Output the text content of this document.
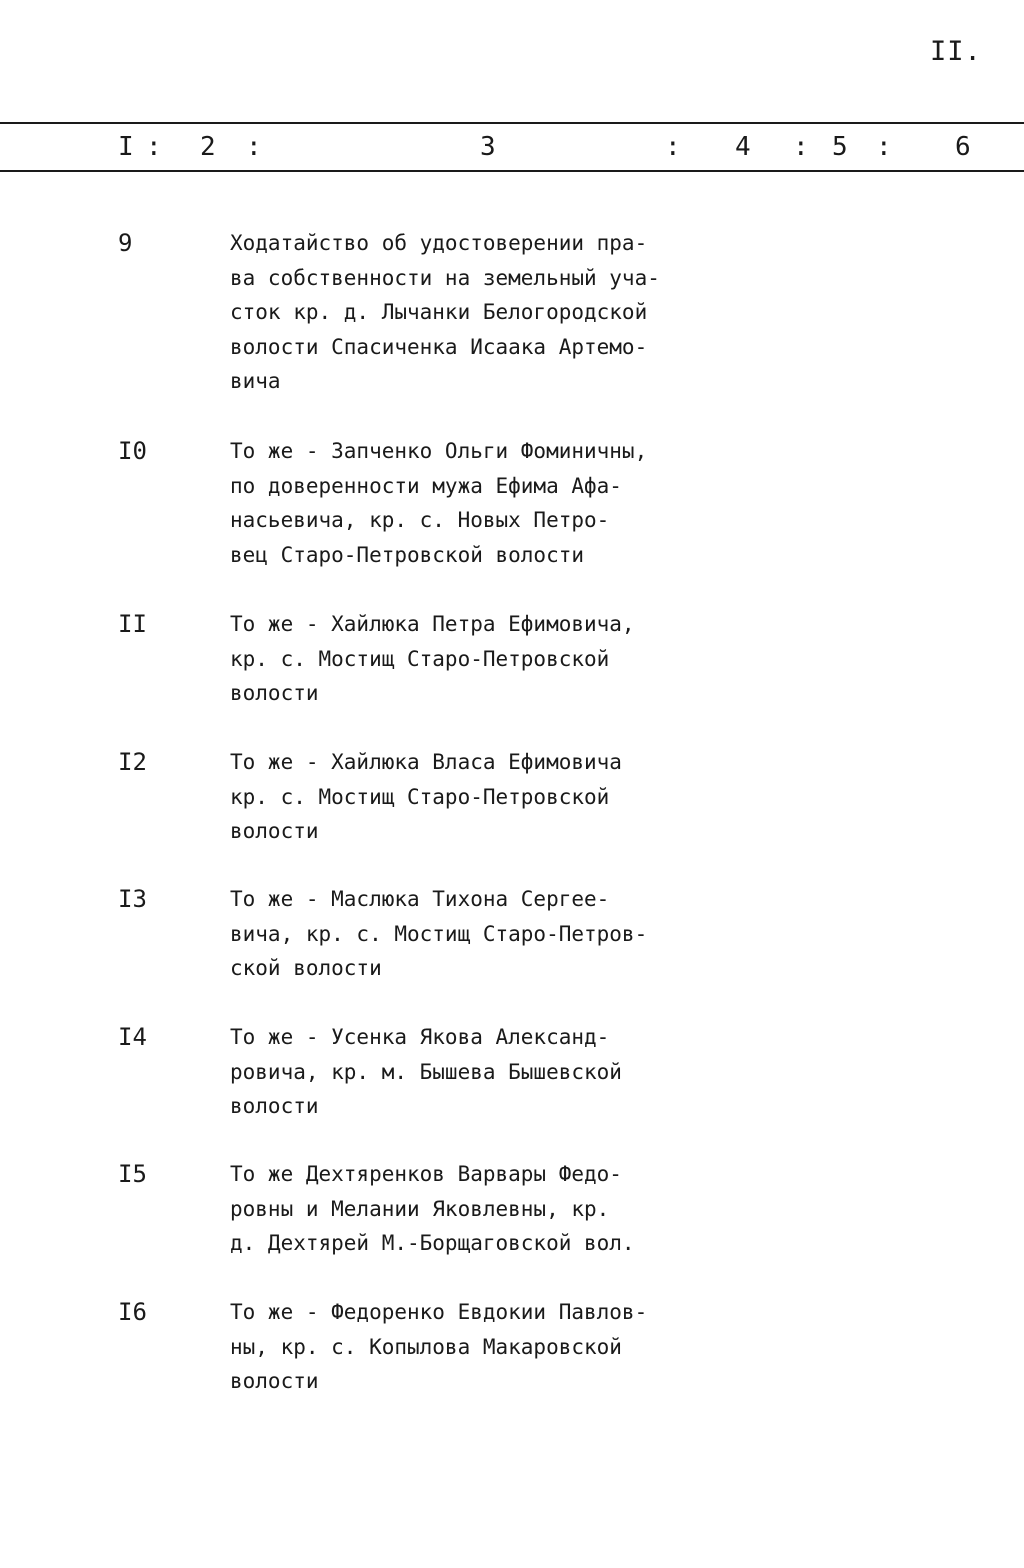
II.
I : 2 :	3	: 4 : 5 : 6
9	Ходатайство об удостоверении пра-
ва собственности на земельный уча-
сток кр. д. Лычанки Белогородской
волости Спасиченка Исаака Артемо-
вича
I0	То же - Запченко Ольги Фоминичны,
по доверенности мужа Ефима Афа-
насьевича, кр. с. Новых Петро-
вец Старо-Петровской волости
II	То же - Хайлюка Петра Ефимовича,
кр. с. Мостищ Старо-Петровской
волости
I2	То же - Хайлюка Власа Ефимовича
кр. с. Мостищ Старо-Петровской
волости
I3	То же - Маслюка Тихона Сергее-
вича, кр. с. Мостищ Старо-Петров-
ской волости
I4	То же - Усенка Якова Александ-
ровича, кр. м. Бышева Бышевской
волости
I5	То же Дехтяренков Варвары Федо-
ровны и Мелании Яковлевны, кр.
д. Дехтярей М.-Борщаговской вол.
I6	То же - Федоренко Евдокии Павлов-
ны, кр. с. Копылова Макаровской
волости
